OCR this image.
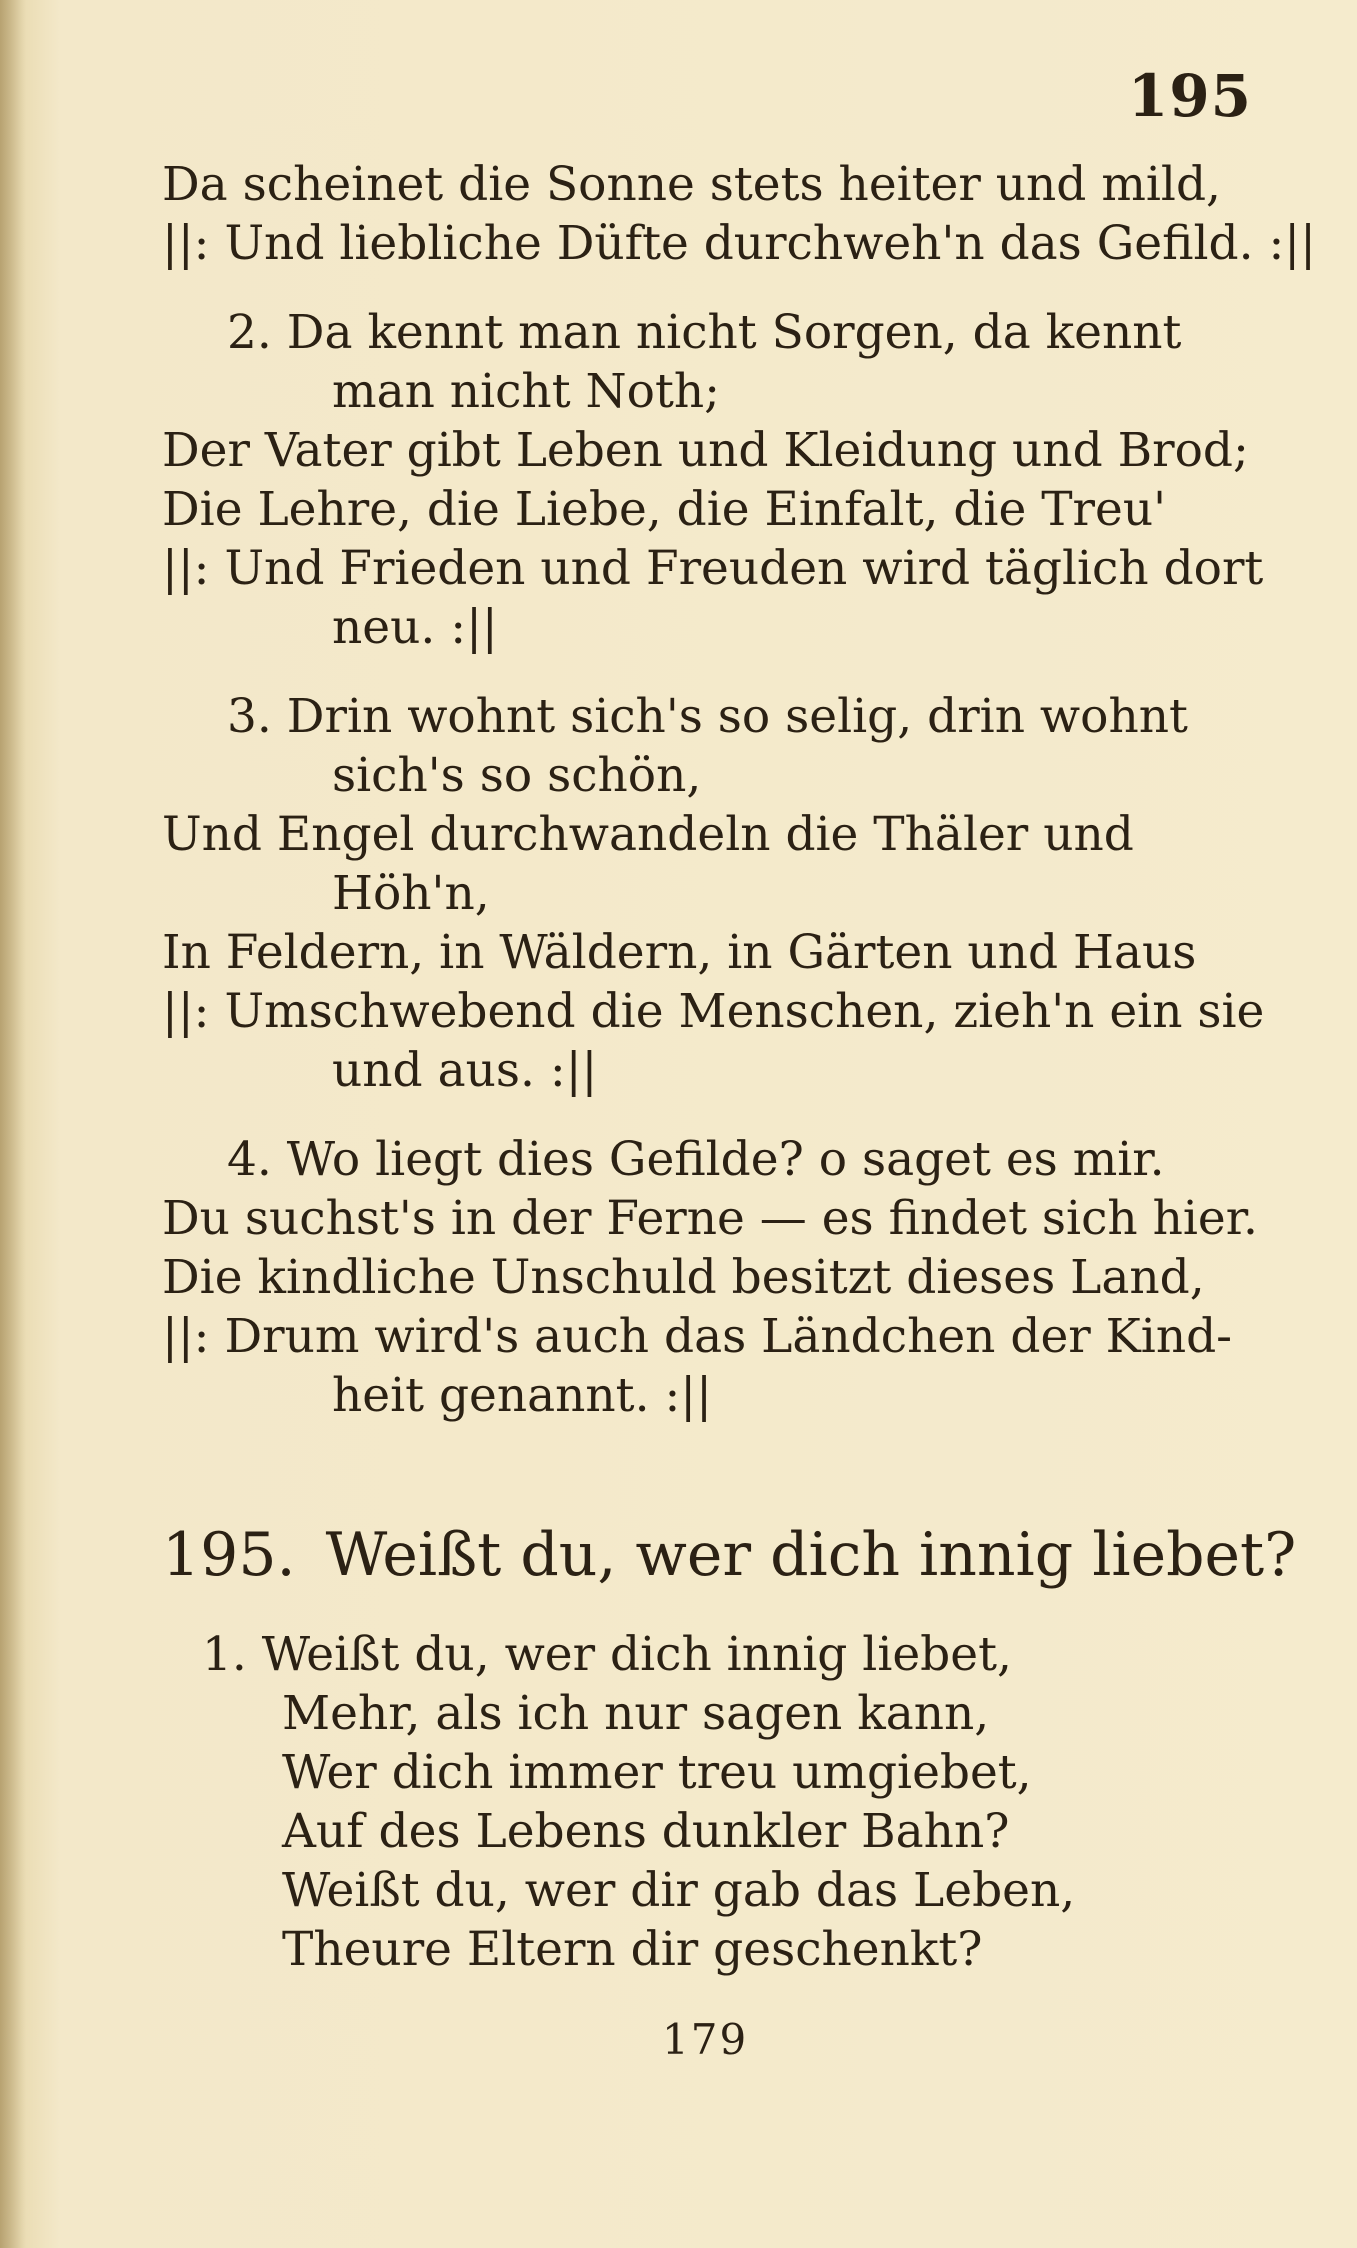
195
Da scheinet die Sonne stets heiter und mild,
||: Und liebliche Düfte durchweh'n das Gefild. :||
2. Da kennt man nicht Sorgen, da kennt
man nicht Noth;
Der Vater gibt Leben und Kleidung und Brod;
Die Lehre, die Liebe, die Einfalt, die Treu'
||: Und Frieden und Freuden wird täglich dort
neu. :||
3. Drin wohnt sich's so selig, drin wohnt
sich's so schön,
Und Engel durchwandeln die Thäler und
Höh'n,
In Feldern, in Wäldern, in Gärten und Haus
||: Umschwebend die Menschen, zieh'n ein sie
und aus. :||
4. Wo liegt dies Gefilde? o saget es mir.
Du suchst's in der Ferne — es findet sich hier.
Die kindliche Unschuld besitzt dieses Land,
||: Drum wird's auch das Ländchen der Kind-
heit genannt. :||
195. Weißt du, wer dich innig liebet?
1. Weißt du, wer dich innig liebet,
Mehr, als ich nur sagen kann,
Wer dich immer treu umgiebet,
Auf des Lebens dunkler Bahn?
Weißt du, wer dir gab das Leben,
Theure Eltern dir geschenkt?
179
